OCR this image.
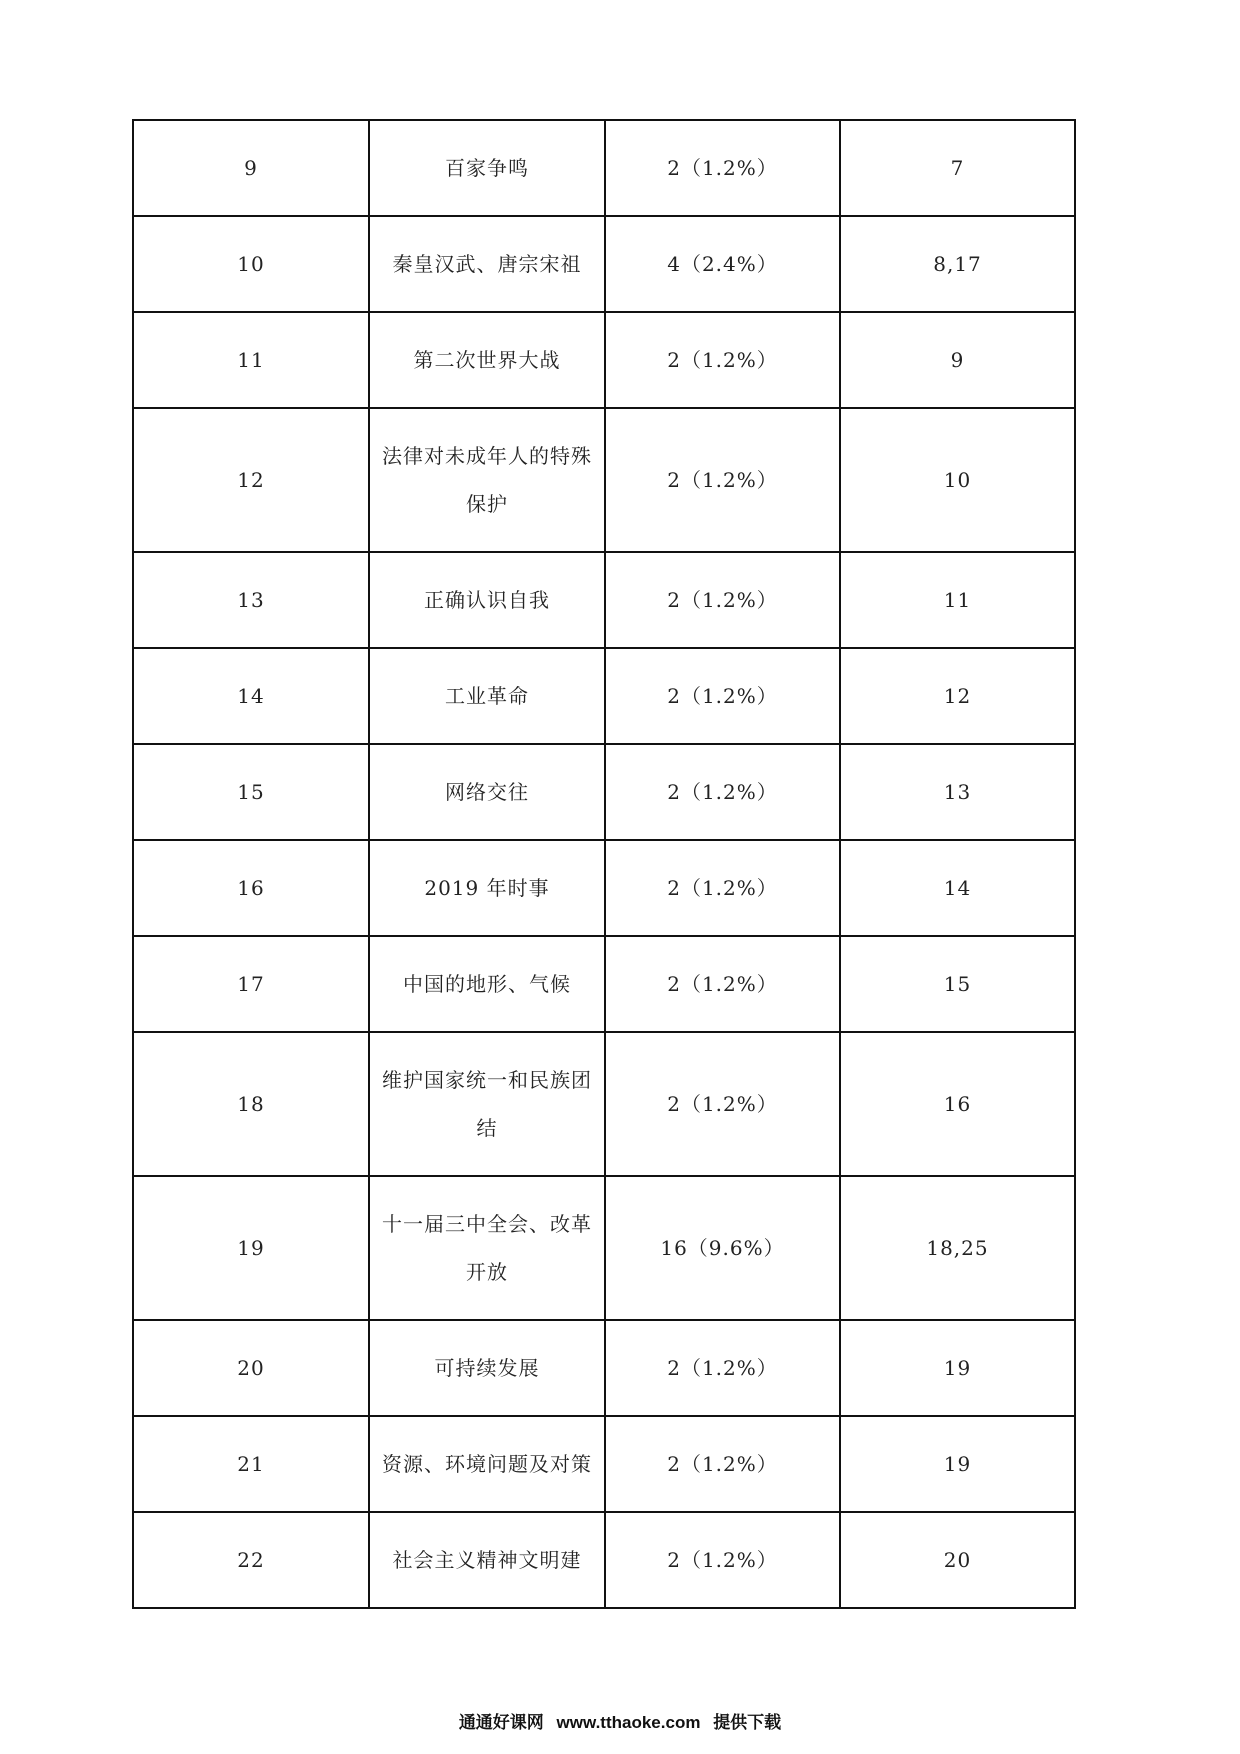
9	百家争鸣	2（1.2%）	7
10	秦皇汉武、唐宗宋祖	4（2.4%）	8,17
11	第二次世界大战	2（1.2%）	9
12	法律对未成年人的特殊保护	2（1.2%）	10
13	正确认识自我	2（1.2%）	11
14	工业革命	2（1.2%）	12
15	网络交往	2（1.2%）	13
16	2019 年时事	2（1.2%）	14
17	中国的地形、气候	2（1.2%）	15
18	维护国家统一和民族团结	2（1.2%）	16
19	十一届三中全会、改革开放	16（9.6%）	18,25
20	可持续发展	2（1.2%）	19
21	资源、环境问题及对策	2（1.2%）	19
22	社会主义精神文明建	2（1.2%）	20
通通好课网 www.tthaoke.com 提供下载
